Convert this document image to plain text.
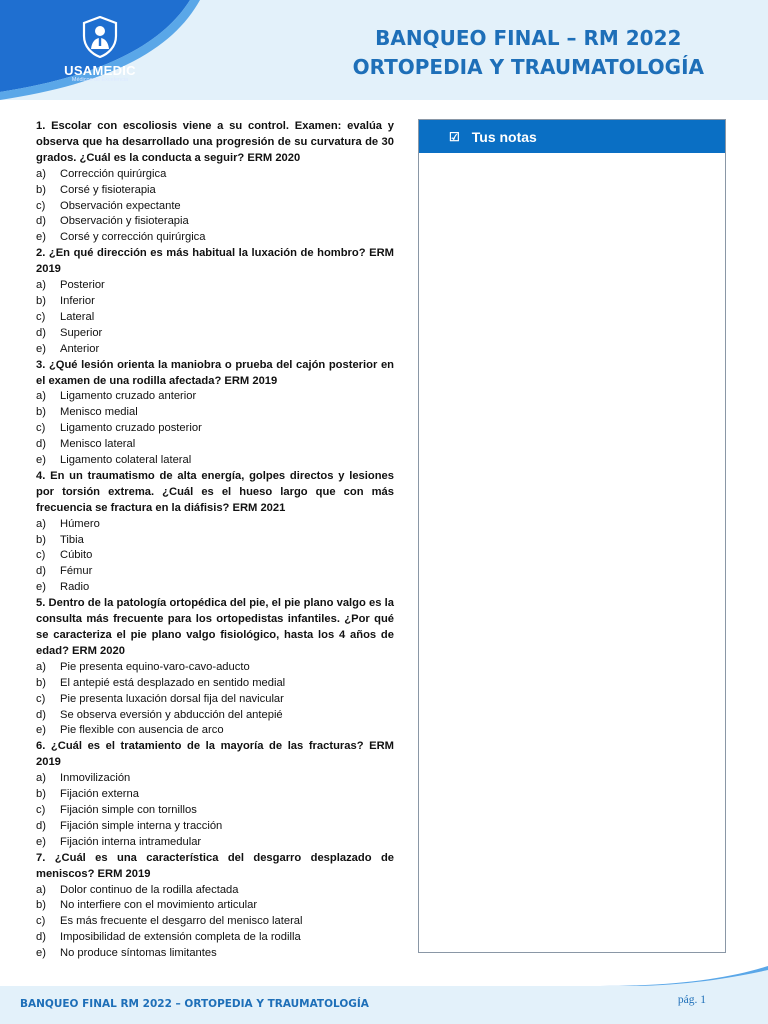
USAMEDIC
Médicos de Excelencia
BANQUEO FINAL – RM 2022
ORTOPEDIA Y TRAUMATOLOGÍA

1. Escolar con escoliosis viene a su control. Examen: evalúa y observa que ha desarrollado una progresión de su curvatura de 30 grados. ¿Cuál es la conducta a seguir? ERM 2020

a)	Corrección quirúrgica
b)	Corsé y fisioterapia
c)	Observación expectante
d)	Observación y fisioterapia
e)	Corsé y corrección quirúrgica

2. ¿En qué dirección es más habitual la luxación de hombro? ERM 2019

a)	Posterior
b)	Inferior
c)	Lateral
d)	Superior
e)	Anterior

3. ¿Qué lesión orienta la maniobra o prueba del cajón posterior en el examen de una rodilla afectada? ERM 2019

a)	Ligamento cruzado anterior
b)	Menisco medial
c)	Ligamento cruzado posterior
d)	Menisco lateral
e)	Ligamento colateral lateral

4. En un traumatismo de alta energía, golpes directos y lesiones por torsión extrema. ¿Cuál es el hueso largo que con más frecuencia se fractura en la diáfisis? ERM 2021

a)	Húmero
b)	Tibia
c)	Cúbito
d)	Fémur
e)	Radio

5. Dentro de la patología ortopédica del pie, el pie plano valgo es la consulta más frecuente para los ortopedistas infantiles. ¿Por qué se caracteriza el pie plano valgo fisiológico, hasta los 4 años de edad? ERM 2020

a)	Pie presenta equino-varo-cavo-aducto
b)	El antepié está desplazado en sentido medial
c)	Pie presenta luxación dorsal fija del navicular
d)	Se observa eversión y abducción del antepié
e)	Pie flexible con ausencia de arco

6. ¿Cuál es el tratamiento de la mayoría de las fracturas? ERM 2019

a)	Inmovilización
b)	Fijación externa
c)	Fijación simple con tornillos
d)	Fijación simple interna y tracción
e)	Fijación interna intramedular

7. ¿Cuál es una característica del desgarro desplazado de meniscos? ERM 2019

a)	Dolor continuo de la rodilla afectada
b)	No interfiere con el movimiento articular
c)	Es más frecuente el desgarro del menisco lateral
d)	Imposibilidad de extensión completa de la rodilla
e)	No produce síntomas limitantes
☑ Tus notas
BANQUEO FINAL RM 2022 – ORTOPEDIA Y TRAUMATOLOGÍA	pág. 1
